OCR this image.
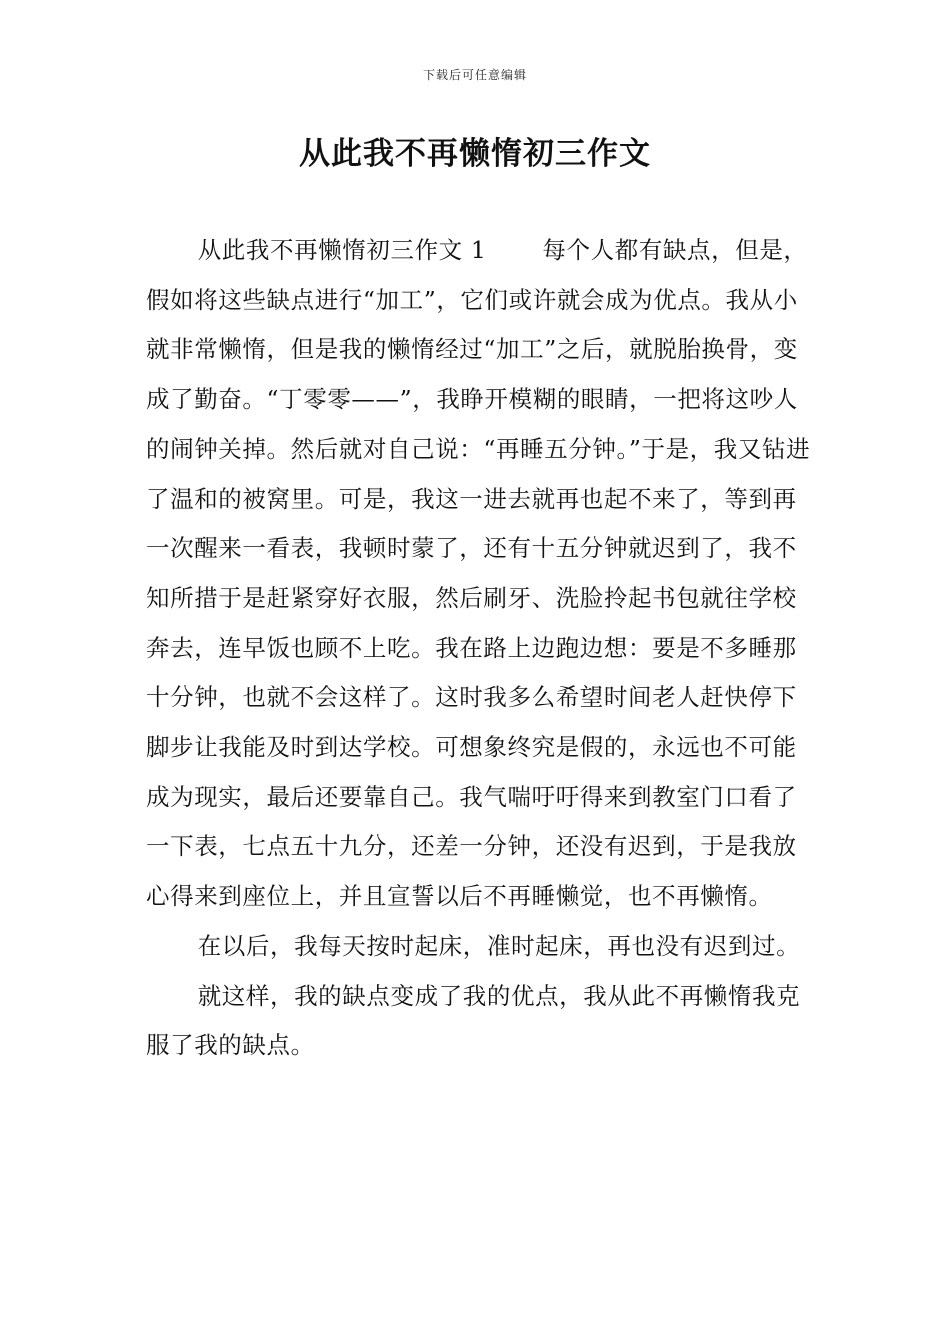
下载后可任意编辑
从此我不再懒惰初三作文

从此我不再懒惰初三作文 1 每个人都有缺点，但是，假如将这些缺点进行“加工”，它们或许就会成为优点。我从小就非常懒惰，但是我的懒惰经过“加工”之后，就脱胎换骨，变成了勤奋。“丁零零——”，我睁开模糊的眼睛，一把将这吵人的闹钟关掉。然后就对自己说：“再睡五分钟。”于是，我又钻进了温和的被窝里。可是，我这一进去就再也起不来了，等到再一次醒来一看表，我顿时蒙了，还有十五分钟就迟到了，我不知所措于是赶紧穿好衣服，然后刷牙、洗脸拎起书包就往学校奔去，连早饭也顾不上吃。我在路上边跑边想：要是不多睡那十分钟，也就不会这样了。这时我多么希望时间老人赶快停下脚步让我能及时到达学校。可想象终究是假的，永远也不可能成为现实，最后还要靠自己。我气喘吁吁得来到教室门口看了一下表，七点五十九分，还差一分钟，还没有迟到，于是我放心得来到座位上，并且宣誓以后不再睡懒觉，也不再懒惰。

在以后，我每天按时起床，准时起床，再也没有迟到过。

就这样，我的缺点变成了我的优点，我从此不再懒惰我克服了我的缺点。
